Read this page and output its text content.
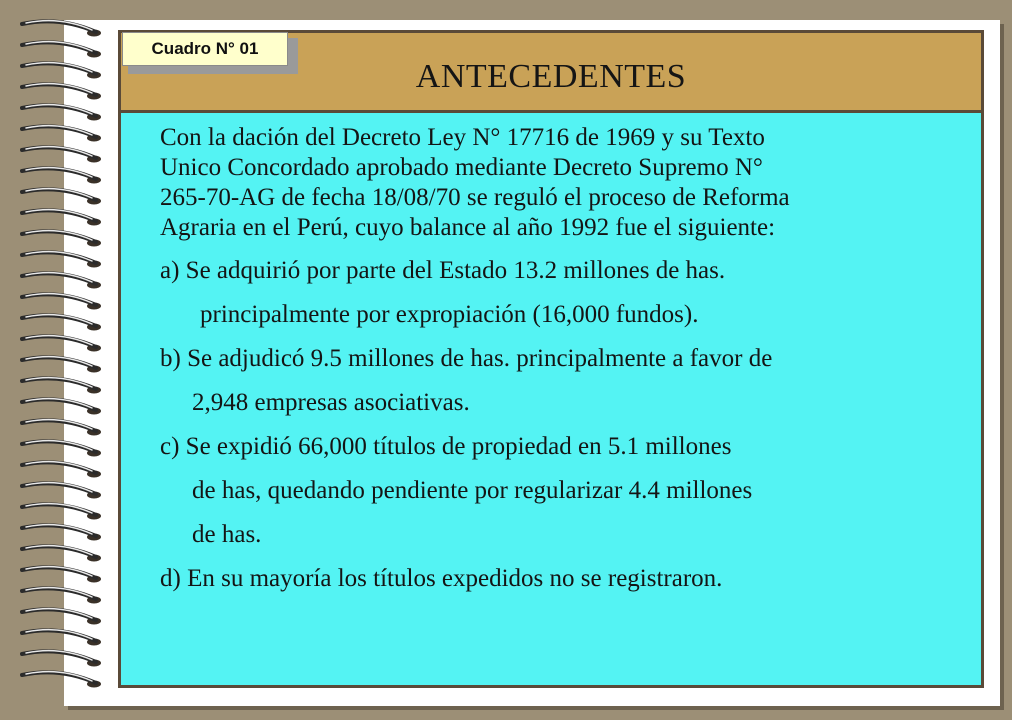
ANTECEDENTES
Cuadro N° 01
Con la dación del Decreto Ley N° 17716 de 1969 y su Texto
Unico Concordado aprobado mediante Decreto Supremo N°
265-70-AG de fecha 18/08/70 se reguló el proceso de Reforma
Agraria en el Perú, cuyo balance al año 1992 fue el siguiente:
a) Se adquirió por parte del Estado 13.2 millones de has.
principalmente por expropiación (16,000 fundos).
b) Se adjudicó 9.5 millones de has. principalmente a favor de
2,948 empresas asociativas.
c) Se expidió 66,000 títulos de propiedad en 5.1 millones
de has, quedando pendiente por regularizar 4.4 millones
de has.
d) En su mayoría los títulos expedidos no se registraron.
